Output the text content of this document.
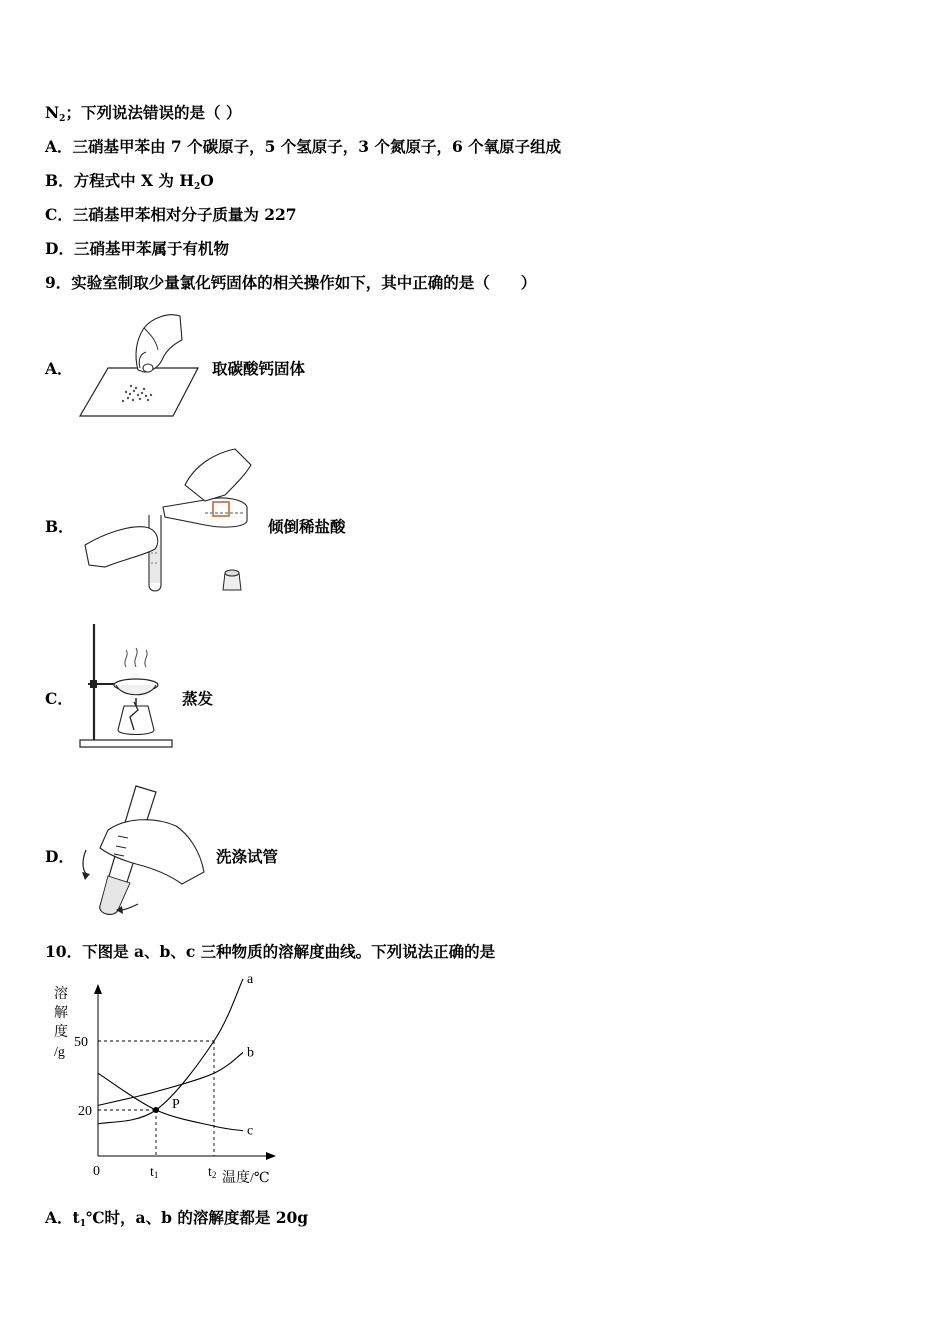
N2；下列说法错误的是（ ）
A．三硝基甲苯由 7 个碳原子，5 个氢原子，3 个氮原子，6 个氧原子组成
B．方程式中 X 为 H2O
C．三硝基甲苯相对分子质量为 227
D．三硝基甲苯属于有机物
9．实验室制取少量氯化钙固体的相关操作如下，其中正确的是（　　）
A．	取碳酸钙固体
B．	倾倒稀盐酸
C．	蒸发
D．	洗涤试管
10．下图是 a、b、c 三种物质的溶解度曲线。下列说法正确的是
溶
解
度
/g
a
b
c
P
50
20
t1	t2
0	温度/℃
A．t1℃时，a、b 的溶解度都是 20g
